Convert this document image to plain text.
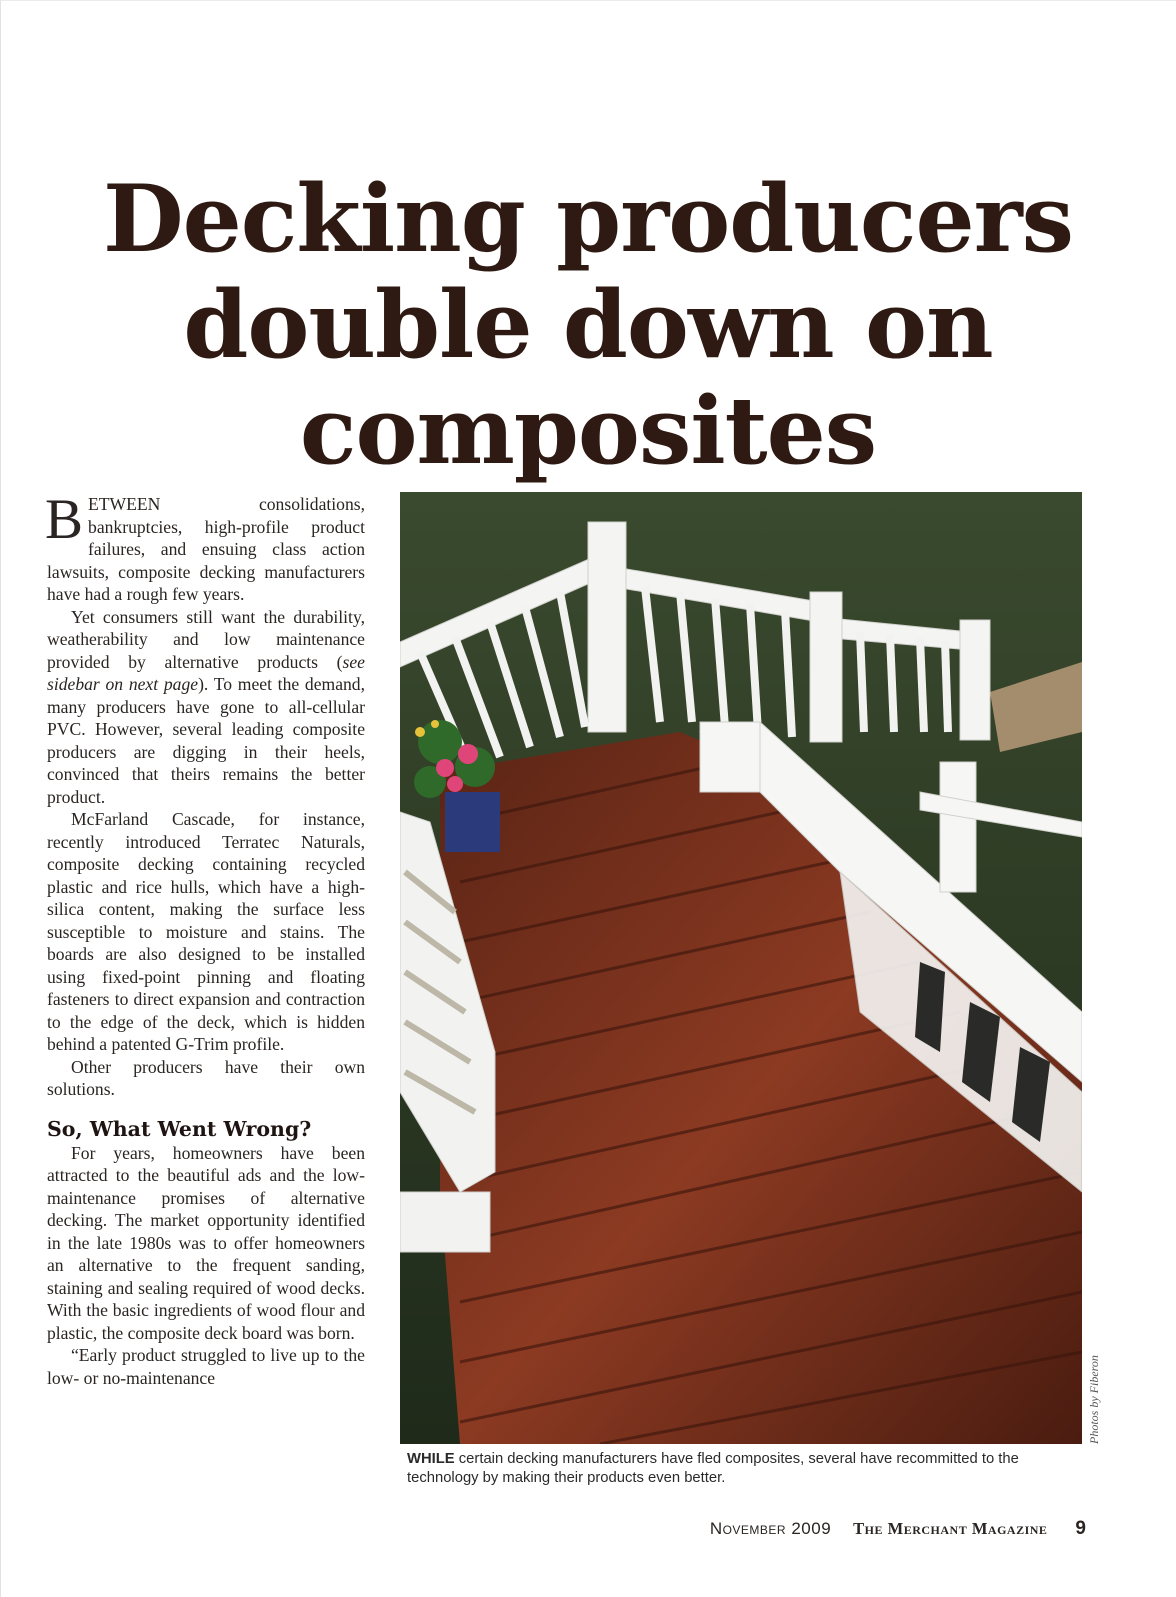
Decking producers double down on composites

BETWEEN consolidations, bankruptcies, high-profile product failures, and ensuing class action lawsuits, composite decking manufacturers have had a rough few years.

Yet consumers still want the durability, weatherability and low maintenance provided by alternative products (see sidebar on next page). To meet the demand, many producers have gone to all-cellular PVC. However, several leading composite producers are digging in their heels, convinced that theirs remains the better product.

McFarland Cascade, for instance, recently introduced Terratec Naturals, composite decking containing recycled plastic and rice hulls, which have a high-silica content, making the surface less susceptible to moisture and stains. The boards are also designed to be installed using fixed-point pinning and floating fasteners to direct expansion and contraction to the edge of the deck, which is hidden behind a patented G-Trim profile.

Other producers have their own solutions.

So, What Went Wrong?

For years, homeowners have been attracted to the beautiful ads and the low-maintenance promises of alternative decking. The market opportunity identified in the late 1980s was to offer homeowners an alternative to the frequent sanding, staining and sealing required of wood decks. With the basic ingredients of wood flour and plastic, the composite deck board was born.

“Early product struggled to live up to the low- or no-maintenance	Photos by Fiberon
WHILE certain decking manufacturers have fled composites, several have recommitted to the technology by making their products even better.
November 2009 The Merchant Magazine 9
